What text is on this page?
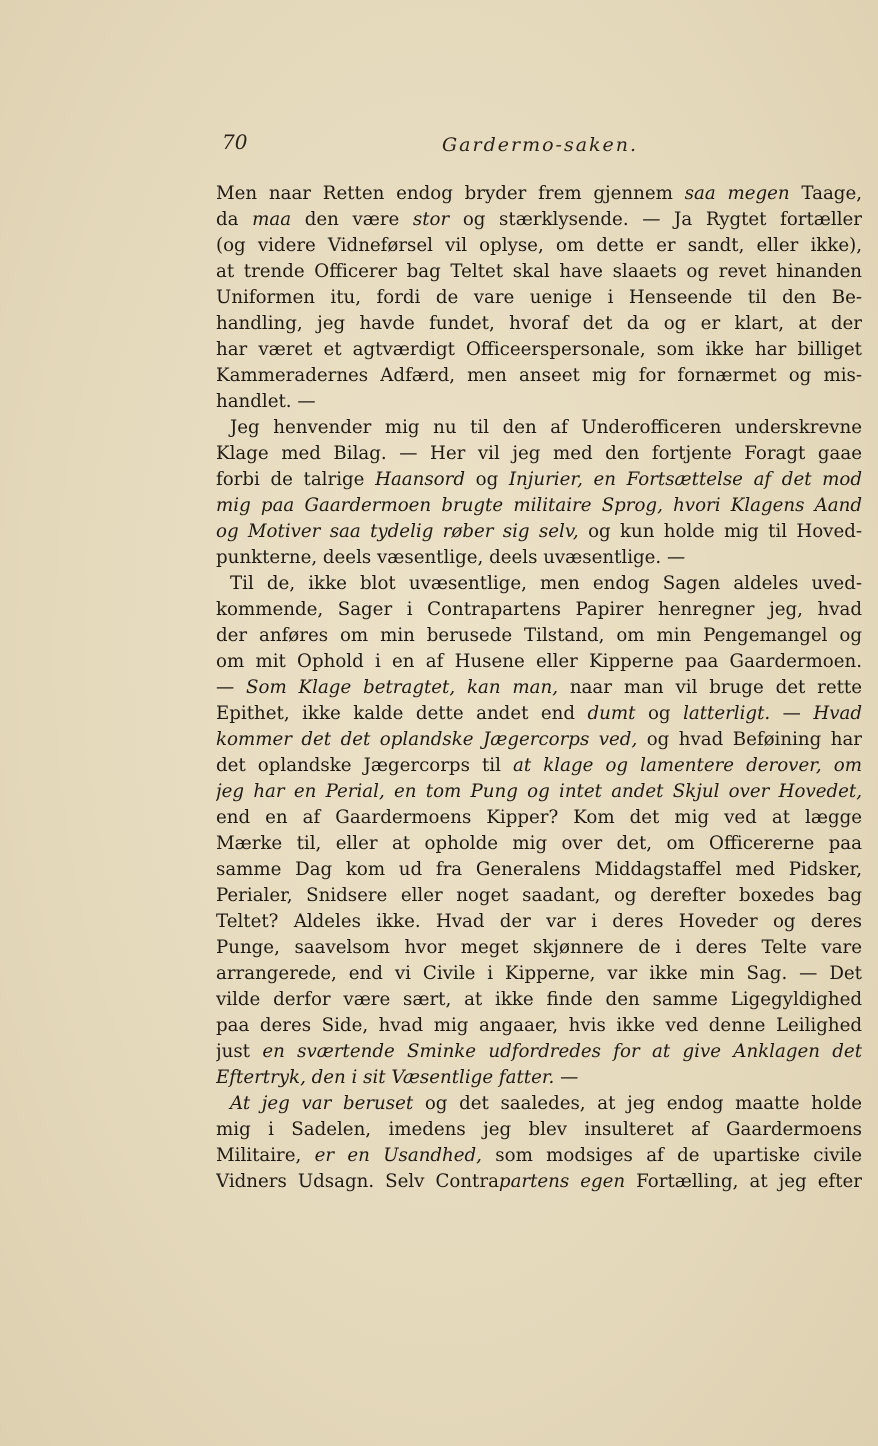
70	Gardermo-saken.
Men naar Retten endog bryder frem gjennem saa megen Taage,
da maa den være stor og stærklysende. — Ja Rygtet fortæller
(og videre Vidneførsel vil oplyse, om dette er sandt, eller ikke),
at trende Officerer bag Teltet skal have slaaets og revet hinanden
Uniformen itu, fordi de vare uenige i Henseende til den Be-
handling, jeg havde fundet, hvoraf det da og er klart, at der
har været et agtværdigt Officeerspersonale, som ikke har billiget
Kammeradernes Adfærd, men anseet mig for fornærmet og mis-
handlet. —
Jeg henvender mig nu til den af Underofficeren underskrevne
Klage med Bilag. — Her vil jeg med den fortjente Foragt gaae
forbi de talrige Haansord og Injurier, en Fortsættelse af det mod
mig paa Gaardermoen brugte militaire Sprog, hvori Klagens Aand
og Motiver saa tydelig røber sig selv, og kun holde mig til Hoved-
punkterne, deels væsentlige, deels uvæsentlige. —
Til de, ikke blot uvæsentlige, men endog Sagen aldeles uved-
kommende, Sager i Contrapartens Papirer henregner jeg, hvad
der anføres om min berusede Tilstand, om min Pengemangel og
om mit Ophold i en af Husene eller Kipperne paa Gaardermoen.
— Som Klage betragtet, kan man, naar man vil bruge det rette
Epithet, ikke kalde dette andet end dumt og latterligt. — Hvad
kommer det det oplandske Jægercorps ved, og hvad Beføining har
det oplandske Jægercorps til at klage og lamentere derover, om
jeg har en Perial, en tom Pung og intet andet Skjul over Hovedet,
end en af Gaardermoens Kipper? Kom det mig ved at lægge
Mærke til, eller at opholde mig over det, om Officererne paa
samme Dag kom ud fra Generalens Middagstaffel med Pidsker,
Perialer, Snidsere eller noget saadant, og derefter boxedes bag
Teltet? Aldeles ikke. Hvad der var i deres Hoveder og deres
Punge, saavelsom hvor meget skjønnere de i deres Telte vare
arrangerede, end vi Civile i Kipperne, var ikke min Sag. — Det
vilde derfor være sært, at ikke finde den samme Ligegyldighed
paa deres Side, hvad mig angaaer, hvis ikke ved denne Leilighed
just en sværtende Sminke udfordredes for at give Anklagen det
Eftertryk, den i sit Væsentlige fatter. —
At jeg var beruset og det saaledes, at jeg endog maatte holde
mig i Sadelen, imedens jeg blev insulteret af Gaardermoens
Militaire, er en Usandhed, som modsiges af de upartiske civile
Vidners Udsagn. Selv Contrapartens egen Fortælling, at jeg efter
